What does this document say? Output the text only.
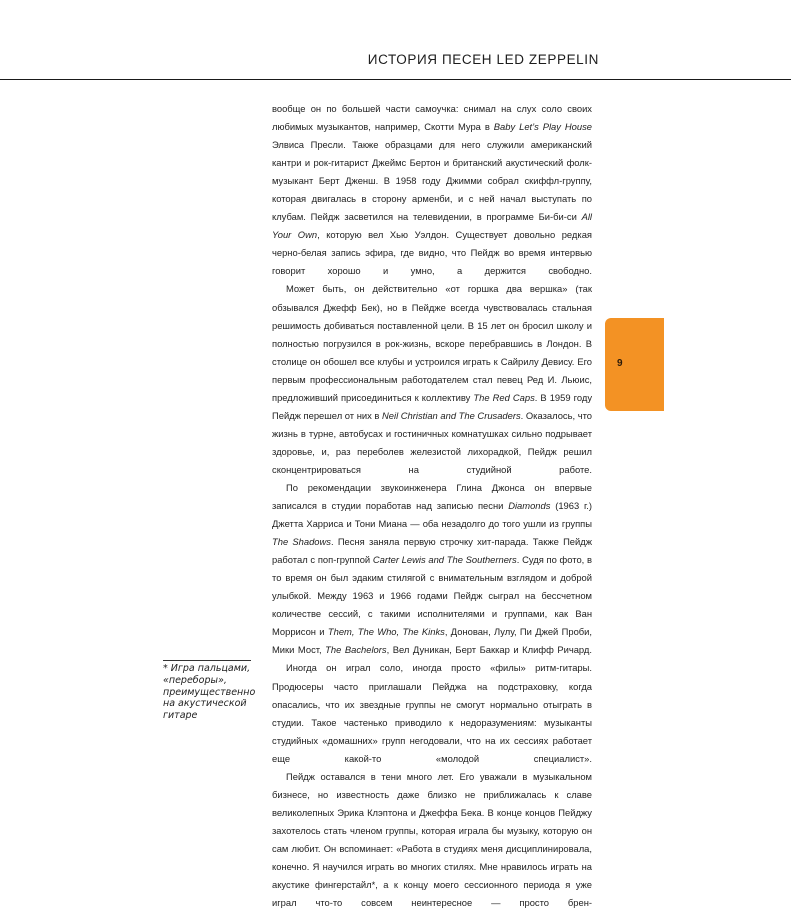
ИСТОРИЯ ПЕСЕН LED ZEPPELIN

вообще он по большей части самоучка: снимал на слух соло своих любимых музыкантов, например, Скотти Мура в Baby Let’s Play House Элвиса Пресли. Также образцами для него служили американский кантри и рок-гитарист Джеймс Бертон и британский акустический фолк-музыкант Берт Дженш. В 1958 году Джимми собрал скиффл-группу, которая двигалась в сторону арменби, и с ней начал выступать по клубам. Пейдж засветился на телевидении, в программе Би-би-си All Your Own, которую вел Хью Уэлдон. Существует довольно редкая черно-белая запись эфира, где видно, что Пейдж во время интервью говорит хорошо и умно, а держится свободно.

Может быть, он действительно «от горшка два вершка» (так обзывался Джефф Бек), но в Пейдже всегда чувствовалась стальная решимость добиваться поставленной цели. В 15 лет он бросил школу и полностью погрузился в рок-жизнь, вскоре перебравшись в Лондон. В столице он обошел все клубы и устроился играть к Сайрилу Девису. Его первым профессиональным работодателем стал певец Ред И. Льюис, предложивший присоединиться к коллективу The Red Caps. В 1959 году Пейдж перешел от них в Neil Christian and The Crusaders. Оказалось, что жизнь в турне, автобусах и гостиничных комнатушках сильно подрывает здоровье, и, раз переболев железистой лихорадкой, Пейдж решил сконцентрироваться на студийной работе.

По рекомендации звукоинженера Глина Джонса он впервые записался в студии поработав над записью песни Diamonds (1963 г.) Джетта Харриса и Тони Миана — оба незадолго до того ушли из группы The Shadows. Песня заняла первую строчку хит-парада. Также Пейдж работал с поп-группой Carter Lewis and The Southerners. Судя по фото, в то время он был эдаким стилягой с внимательным взглядом и доброй улыбкой. Между 1963 и 1966 годами Пейдж сыграл на бессчетном количестве сессий, с такими исполнителями и группами, как Ван Моррисон и Them, The Who, The Kinks, Донован, Лулу, Пи Джей Проби, Мики Мост, The Bachelors, Вел Дуникан, Берт Баккар и Клифф Ричард.

Иногда он играл соло, иногда просто «филы» ритм-гитары. Продюсеры часто приглашали Пейджа на подстраховку, когда опасались, что их звездные группы не смогут нормально отыграть в студии. Такое частенько приводило к недоразумениям: музыканты студийных «домашних» групп негодовали, что на их сессиях работает еще какой-то «молодой специалист».

Пейдж оставался в тени много лет. Его уважали в музыкальном бизнесе, но известность даже близко не приближалась к славе великолепных Эрика Клэптона и Джеффа Бека. В конце концов Пейджу захотелось стать членом группы, которая играла бы музыку, которую он сам любит. Он вспоминает: «Работа в студиях меня дисциплинировала, конечно. Я научился играть во многих стилях. Мне нравилось играть на акустике фингерстайл*, а к концу моего сессионного периода я уже играл что-то совсем неинтересное — просто брен-

9
* Игра пальцами, «переборы», преимущественно на акустической гитаре
